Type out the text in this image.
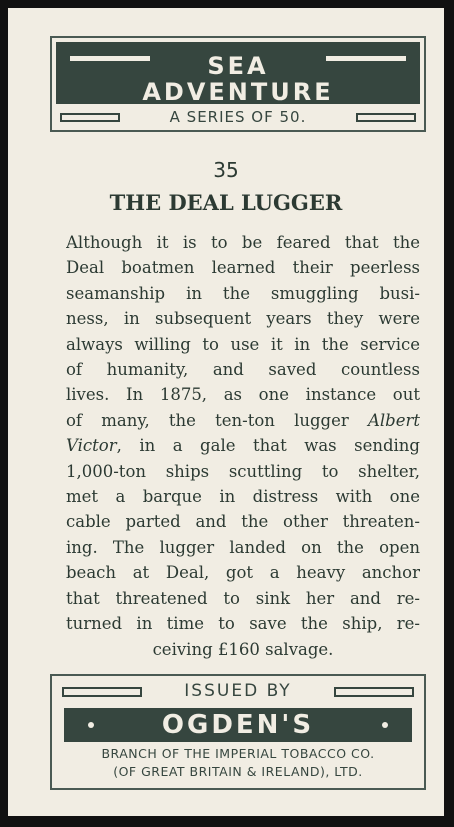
SEA
ADVENTURE
A SERIES OF 50.
35
THE DEAL LUGGER
Although it is to be feared that the
Deal boatmen learned their peerless
seamanship in the smuggling busi-
ness, in subsequent years they were
always willing to use it in the service
of humanity, and saved countless
lives. In 1875, as one instance out
of many, the ten-ton lugger Albert
Victor, in a gale that was sending
1,000-ton ships scuttling to shelter,
met a barque in distress with one
cable parted and the other threaten-
ing. The lugger landed on the open
beach at Deal, got a heavy anchor
that threatened to sink her and re-
turned in time to save the ship, re-
ceiving £160 salvage.
ISSUED BY
OGDEN'S
BRANCH OF THE IMPERIAL TOBACCO CO.
(OF GREAT BRITAIN & IRELAND), LTD.
